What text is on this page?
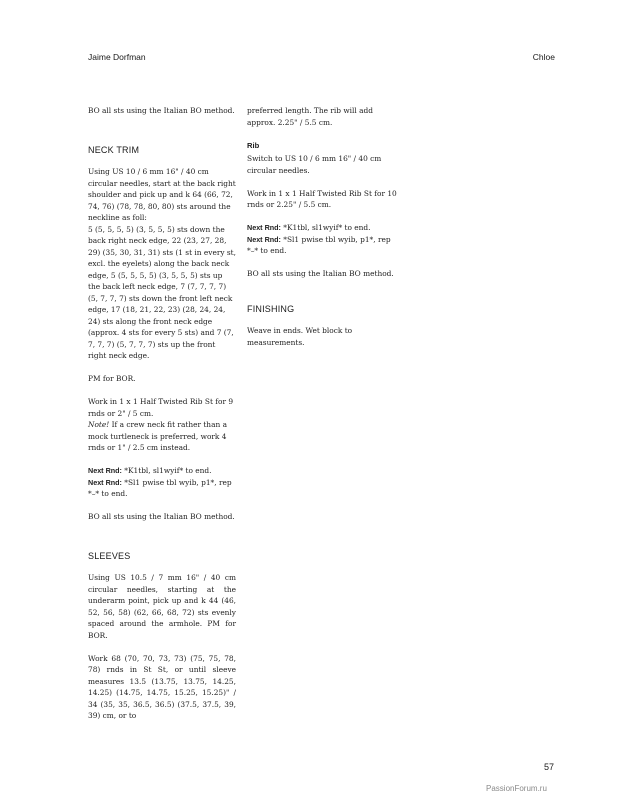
Jaime Dorfman	Chloe

BO all sts using the Italian BO method.

NECK TRIM

Using US 10 / 6 mm 16" / 40 cm circular needles, start at the back right shoulder and pick up and k 64 (66, 72, 74, 76) (78, 78, 80, 80) sts around the neckline as foll:

5 (5, 5, 5, 5) (3, 5, 5, 5) sts down the back right neck edge, 22 (23, 27, 28, 29) (35, 30, 31, 31) sts (1 st in every st, excl. the eyelets) along the back neck edge, 5 (5, 5, 5, 5) (3, 5, 5, 5) sts up the back left neck edge, 7 (7, 7, 7, 7) (5, 7, 7, 7) sts down the front left neck edge, 17 (18, 21, 22, 23) (28, 24, 24, 24) sts along the front neck edge (approx. 4 sts for every 5 sts) and 7 (7, 7, 7, 7) (5, 7, 7, 7) sts up the front right neck edge.

PM for BOR.

Work in 1 x 1 Half Twisted Rib St for 9 rnds or 2" / 5 cm.
Note! If a crew neck fit rather than a mock turtleneck is preferred, work 4 rnds or 1" / 2.5 cm instead.

Next Rnd: *K1tbl, sl1wyif* to end.
Next Rnd: *Sl1 pwise tbl wyib, p1*, rep *–* to end.

BO all sts using the Italian BO method.

SLEEVES

Using US 10.5 / 7 mm 16" / 40 cm circular needles, starting at the underarm point, pick up and k 44 (46, 52, 56, 58) (62, 66, 68, 72) sts evenly spaced around the armhole. PM for BOR.

Work 68 (70, 70, 73, 73) (75, 75, 78, 78) rnds in St St, or until sleeve measures 13.5 (13.75, 13.75, 14.25, 14.25) (14.75, 14.75, 15.25, 15.25)" / 34 (35, 35, 36.5, 36.5) (37.5, 37.5, 39, 39) cm, or to

preferred length. The rib will add approx. 2.25" / 5.5 cm.

Rib

Switch to US 10 / 6 mm 16" / 40 cm circular needles.

Work in 1 x 1 Half Twisted Rib St for 10 rnds or 2.25" / 5.5 cm.

Next Rnd: *K1tbl, sl1wyif* to end.
Next Rnd: *Sl1 pwise tbl wyib, p1*, rep *–* to end.

BO all sts using the Italian BO method.

FINISHING

Weave in ends. Wet block to measurements.

57
PassionForum.ru
